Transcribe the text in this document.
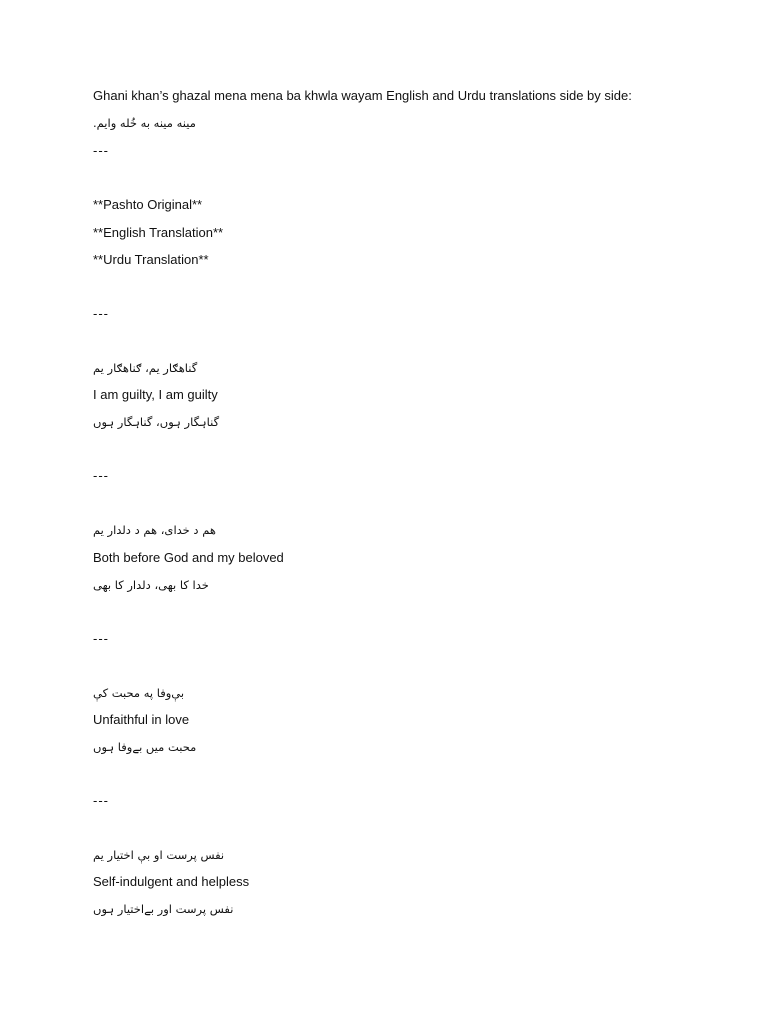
Ghani khan’s ghazal mena mena ba khwla wayam English and Urdu translations side by side:
مینه مینه به خُله وایم.
---
**Pashto Original**
**English Translation**
**Urdu Translation**
---
گناهګار یم، ګناهګار یم
I am guilty, I am guilty
گناہگار ہوں، گناہگار ہوں
---
هم د خدای، هم د دلدار یم
Both before God and my beloved
خدا کا بھی، دلدار کا بھی
---
بې‌وفا په محبت کې
Unfaithful in love
محبت میں بےوفا ہوں
---
نفس پرست او بې اختیار یم
Self-indulgent and helpless
نفس پرست اور بےاختیار ہوں
